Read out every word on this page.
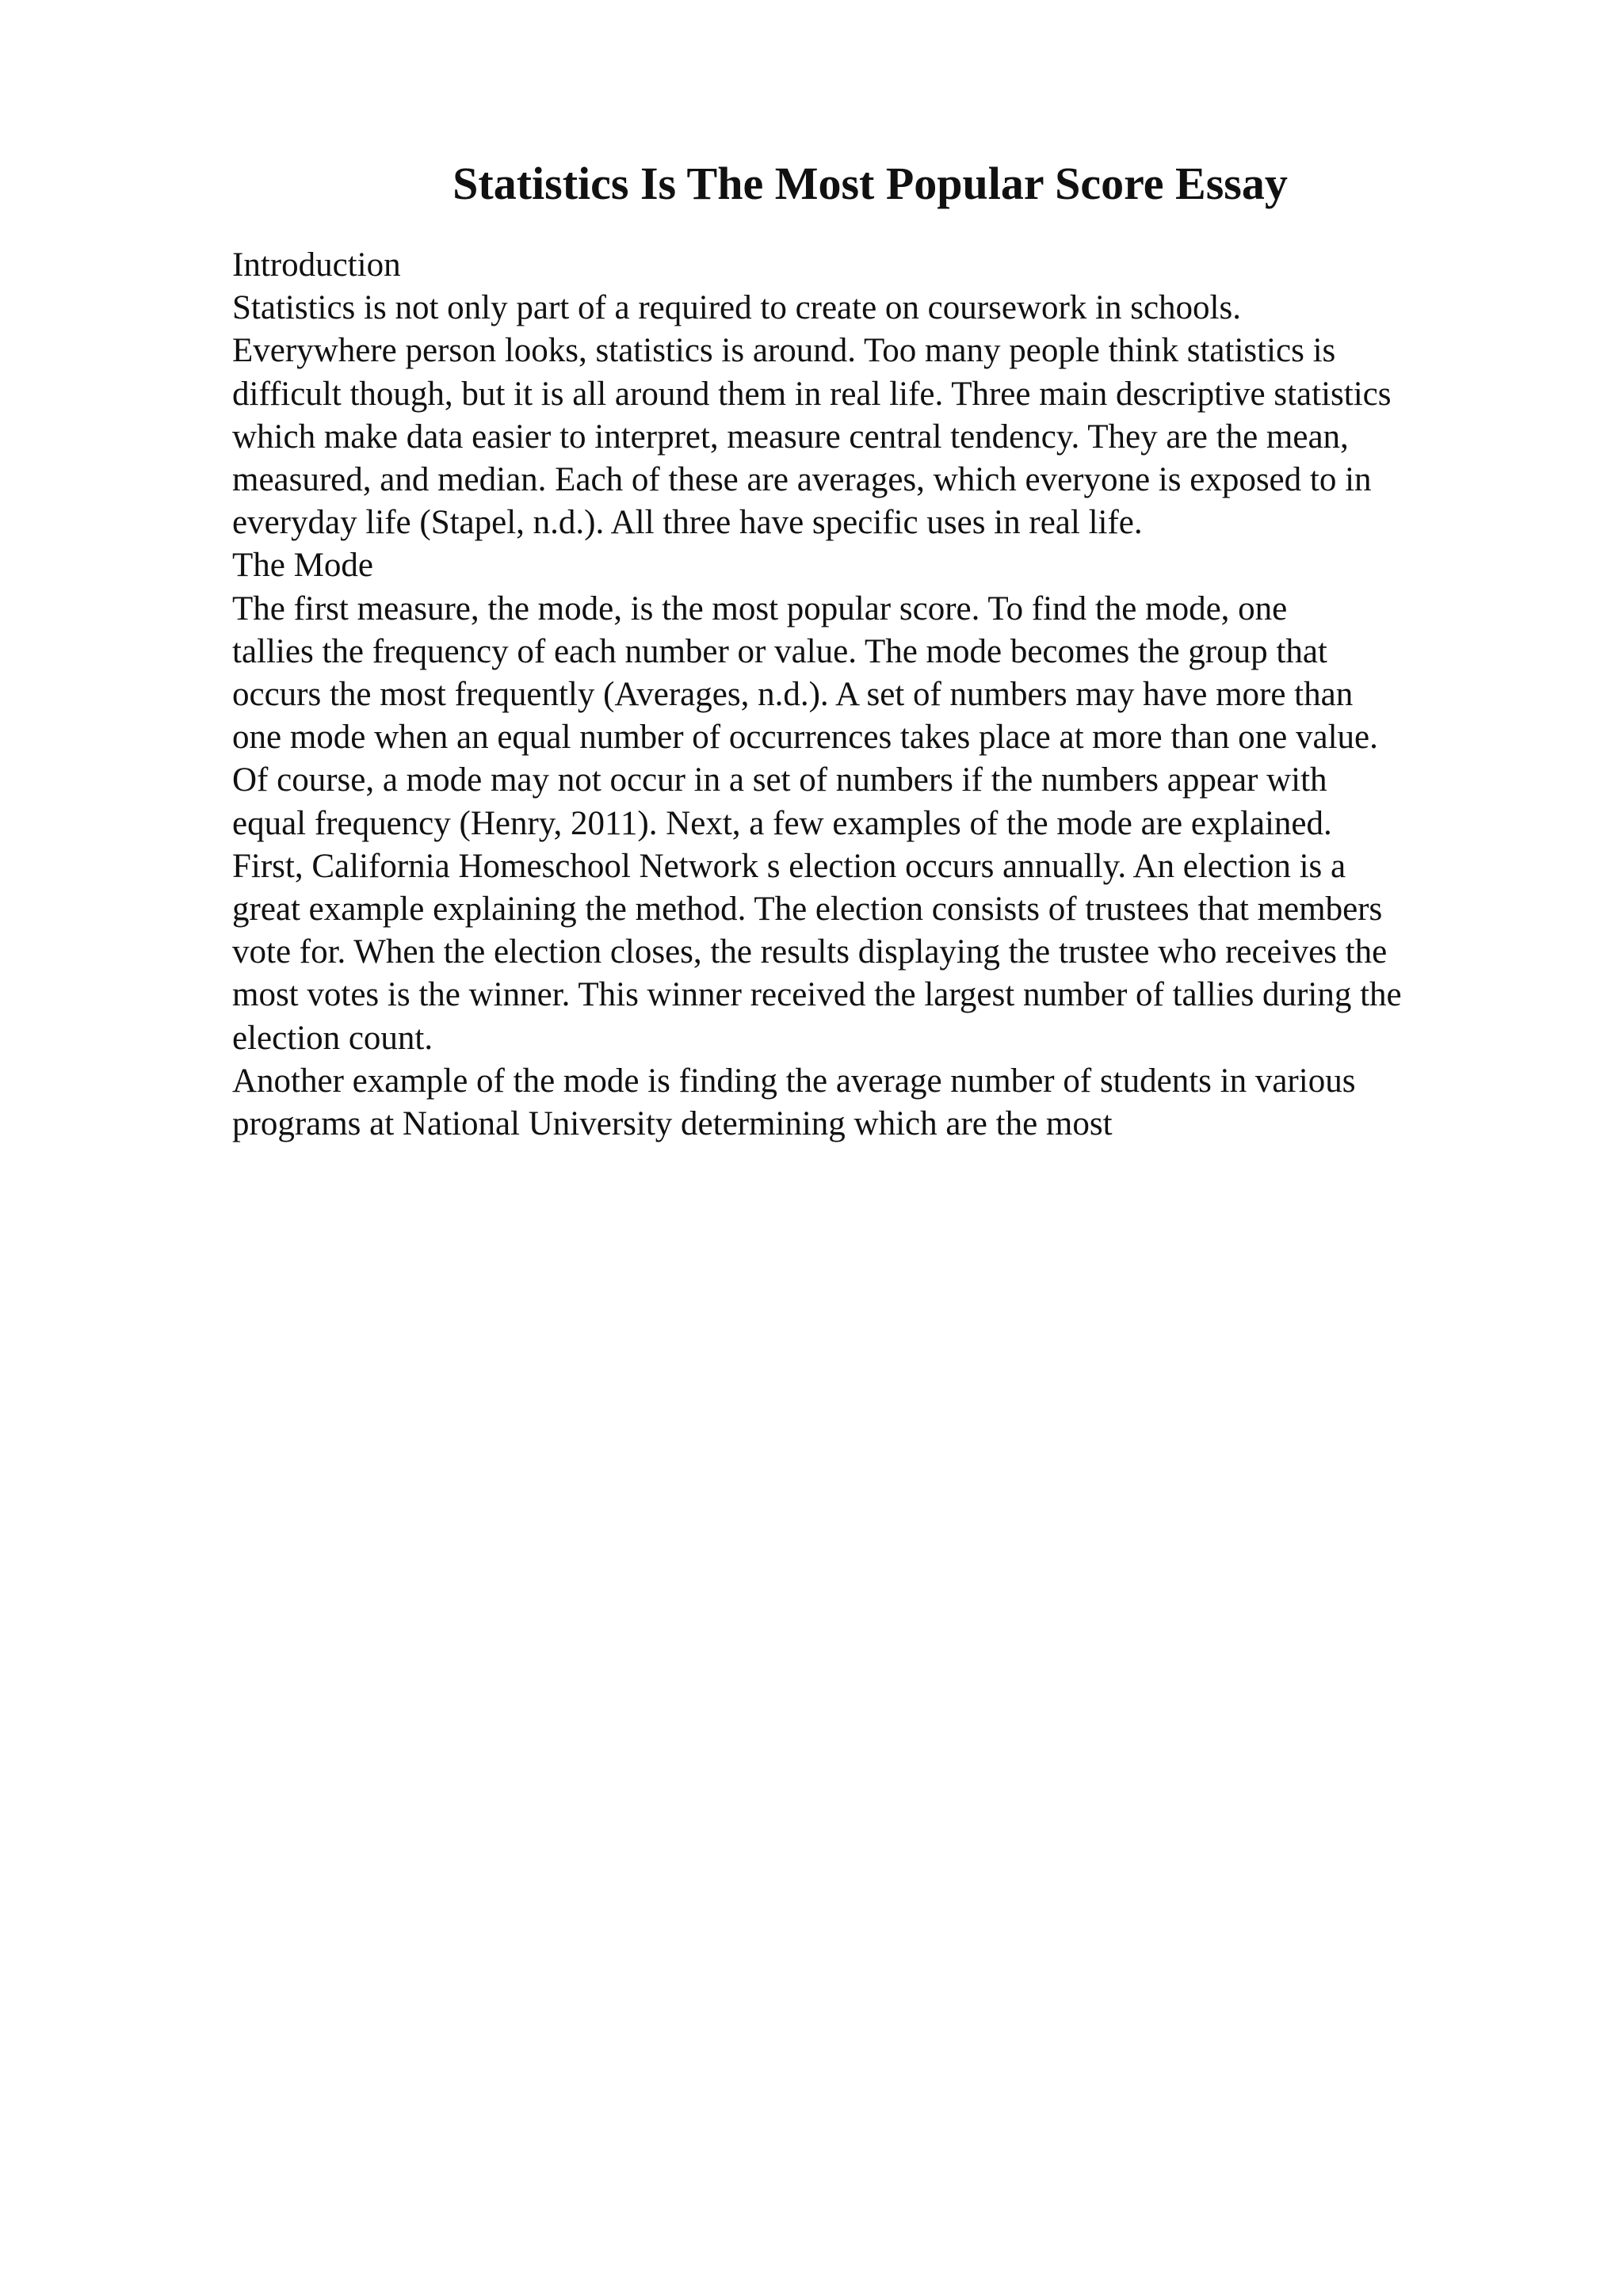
Statistics Is The Most Popular Score Essay
Introduction
Statistics is not only part of a required to create on coursework in schools.
Everywhere person looks, statistics is around. Too many people think statistics is
difficult though, but it is all around them in real life. Three main descriptive statistics
which make data easier to interpret, measure central tendency. They are the mean,
measured, and median. Each of these are averages, which everyone is exposed to in
everyday life (Stapel, n.d.). All three have specific uses in real life.
The Mode
The first measure, the mode, is the most popular score. To find the mode, one
tallies the frequency of each number or value. The mode becomes the group that
occurs the most frequently (Averages, n.d.). A set of numbers may have more than
one mode when an equal number of occurrences takes place at more than one value.
Of course, a mode may not occur in a set of numbers if the numbers appear with
equal frequency (Henry, 2011). Next, a few examples of the mode are explained.
First, California Homeschool Network s election occurs annually. An election is a
great example explaining the method. The election consists of trustees that members
vote for. When the election closes, the results displaying the trustee who receives the
most votes is the winner. This winner received the largest number of tallies during the
election count.
Another example of the mode is finding the average number of students in various
programs at National University determining which are the most
